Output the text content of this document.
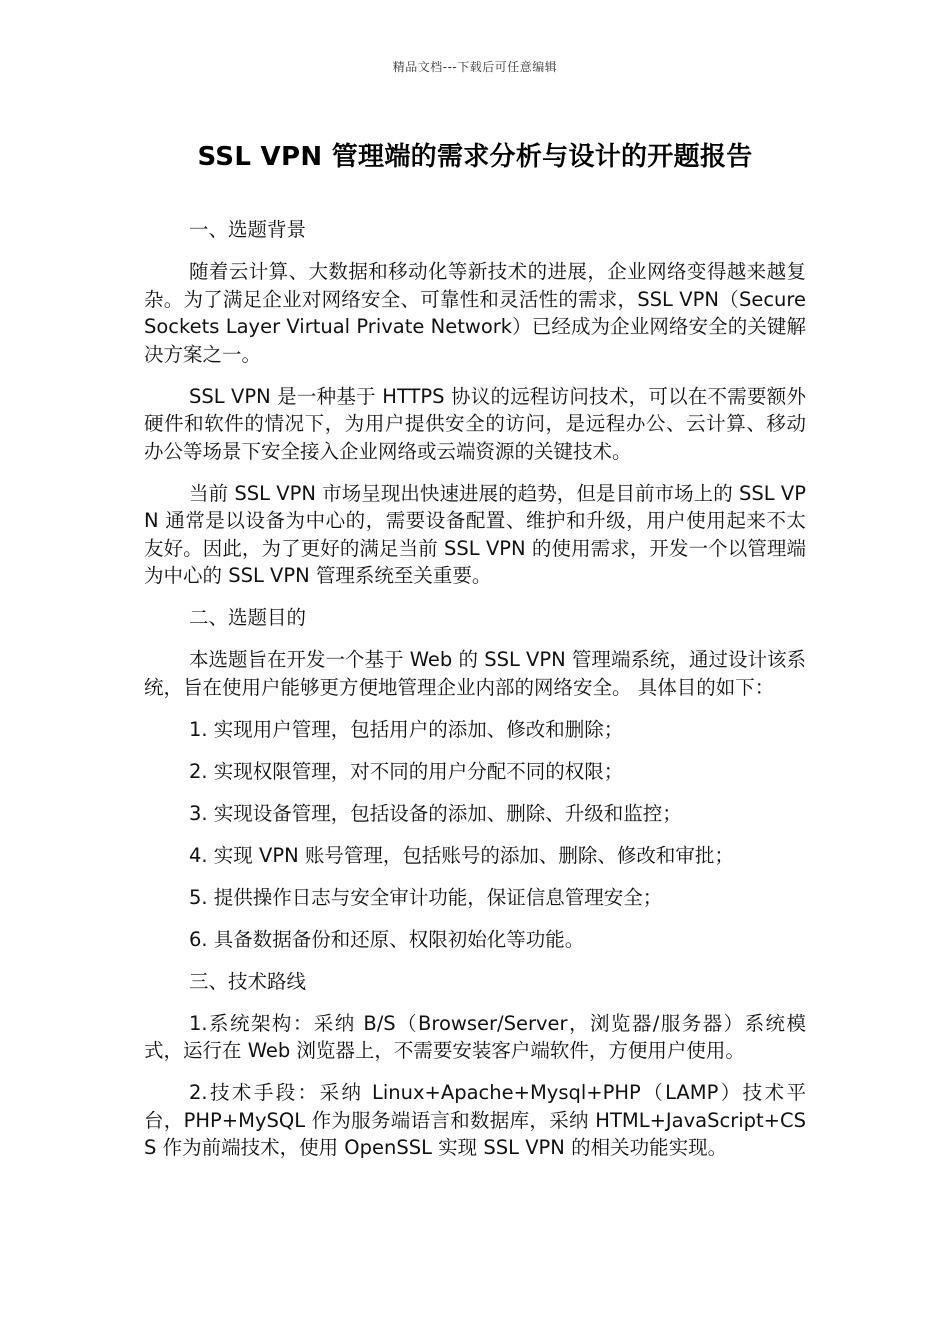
精品文档---下载后可任意编辑
SSL VPN 管理端的需求分析与设计的开题报告

一、选题背景

随着云计算、大数据和移动化等新技术的进展，企业网络变得越来越复杂。为了满足企业对网络安全、可靠性和灵活性的需求，SSL VPN（Secure Sockets Layer Virtual Private Network）已经成为企业网络安全的关键解决方案之一。

SSL VPN 是一种基于 HTTPS 协议的远程访问技术，可以在不需要额外硬件和软件的情况下，为用户提供安全的访问，是远程办公、云计算、移动办公等场景下安全接入企业网络或云端资源的关键技术。

当前 SSL VPN 市场呈现出快速进展的趋势，但是目前市场上的 SSL VPN 通常是以设备为中心的，需要设备配置、维护和升级，用户使用起来不太友好。因此，为了更好的满足当前 SSL VPN 的使用需求，开发一个以管理端为中心的 SSL VPN 管理系统至关重要。

二、选题目的

本选题旨在开发一个基于 Web 的 SSL VPN 管理端系统，通过设计该系统，旨在使用户能够更方便地管理企业内部的网络安全。 具体目的如下：

1. 实现用户管理，包括用户的添加、修改和删除；

2. 实现权限管理，对不同的用户分配不同的权限；

3. 实现设备管理，包括设备的添加、删除、升级和监控；

4. 实现 VPN 账号管理，包括账号的添加、删除、修改和审批；

5. 提供操作日志与安全审计功能，保证信息管理安全；

6. 具备数据备份和还原、权限初始化等功能。

三、技术路线

1.系统架构：采纳 B/S（Browser/Server，浏览器/服务器）系统模式，运行在 Web 浏览器上，不需要安装客户端软件，方便用户使用。

2.技术手段：采纳 Linux+Apache+Mysql+PHP（LAMP）技术平台，PHP+MySQL 作为服务端语言和数据库，采纳 HTML+JavaScript+CSS 作为前端技术，使用 OpenSSL 实现 SSL VPN 的相关功能实现。
